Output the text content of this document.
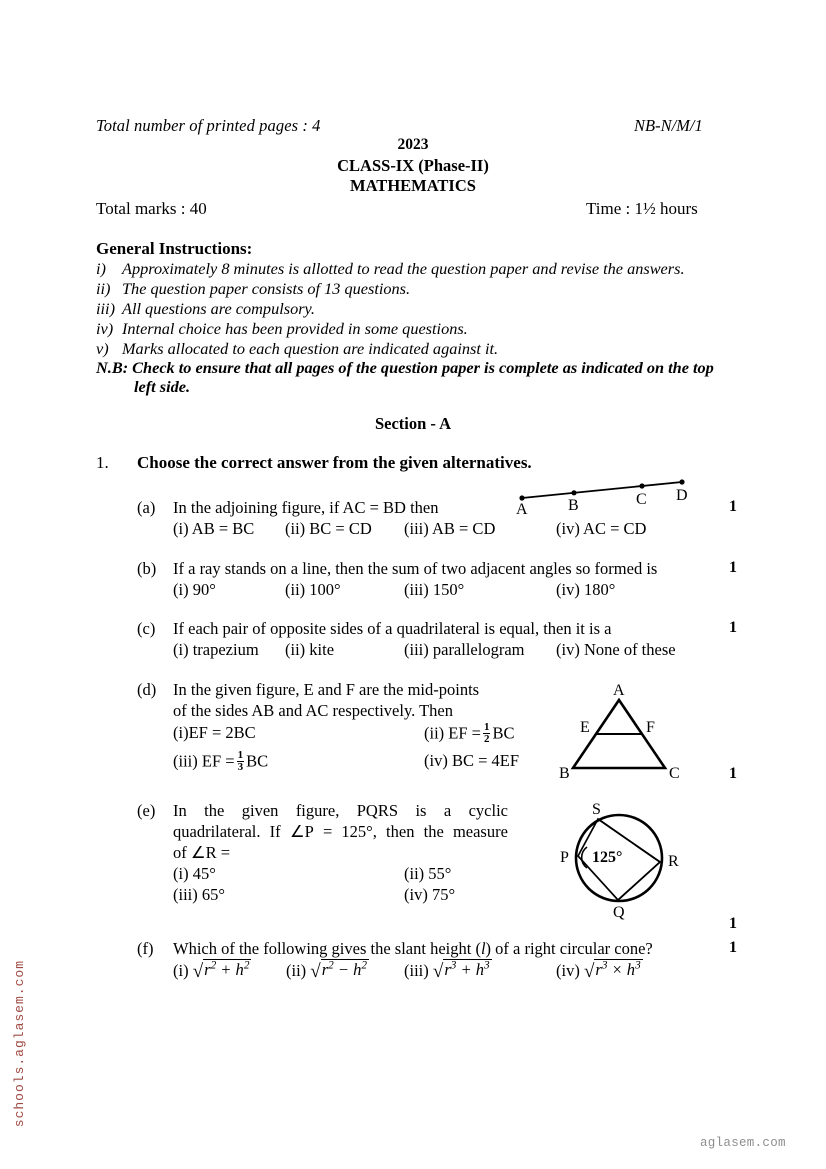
Total number of printed pages : 4	NB-N/M/1
2023
CLASS-IX (Phase-II)
MATHEMATICS
Total marks : 40	Time : 1½ hours
General Instructions:
i) Approximately 8 minutes is allotted to read the question paper and revise the answers.
ii) The question paper consists of 13 questions.
iii) All questions are compulsory.
iv) Internal choice has been provided in some questions.
v) Marks allocated to each question are indicated against it.
N.B: Check to ensure that all pages of the question paper is complete as indicated on the top
left side.
Section - A
1. Choose the correct answer from the given alternatives.
(a) In the adjoining figure, if AC = BD then
(i) AB = BC (ii) BC = CD (iii) AB = CD	(iv) AC = CD
1
A	B	C D
(b) If a ray stands on a line, then the sum of two adjacent angles so formed is
(i) 90°	(ii) 100°	(iii) 150°	(iv) 180°
1
(c) If each pair of opposite sides of a quadrilateral is equal, then it is a
(i) trapezium (ii) kite	(iii) parallelogram (iv) None of these
1
(d) In the given figure, E and F are the mid-points
of the sides AB and AC respectively. Then
(i)EF = 2BC	(ii) EF = $\frac{1}{2}$ BC
(iii) EF = $\frac{1}{3}$ BC	(iv) BC = 4EF
1
A
B	C
E	F
(e) In the given figure, PQRS is a cyclic
quadrilateral. If ∠P = 125°, then the measure
of ∠R =
(i) 45°	(ii) 55°
(iii) 65°	(iv) 75°
1
S
P	R
Q
125°
(f) Which of the following gives the slant height (l) of a right circular cone?	1
(i) $√r^2 + h^2$ (ii) $√r^2 - h^2$ (iii) $√r^3 + h^3$	(iv) $√r^3 \times h^3$
schools.aglasem.com
aglasem.com
